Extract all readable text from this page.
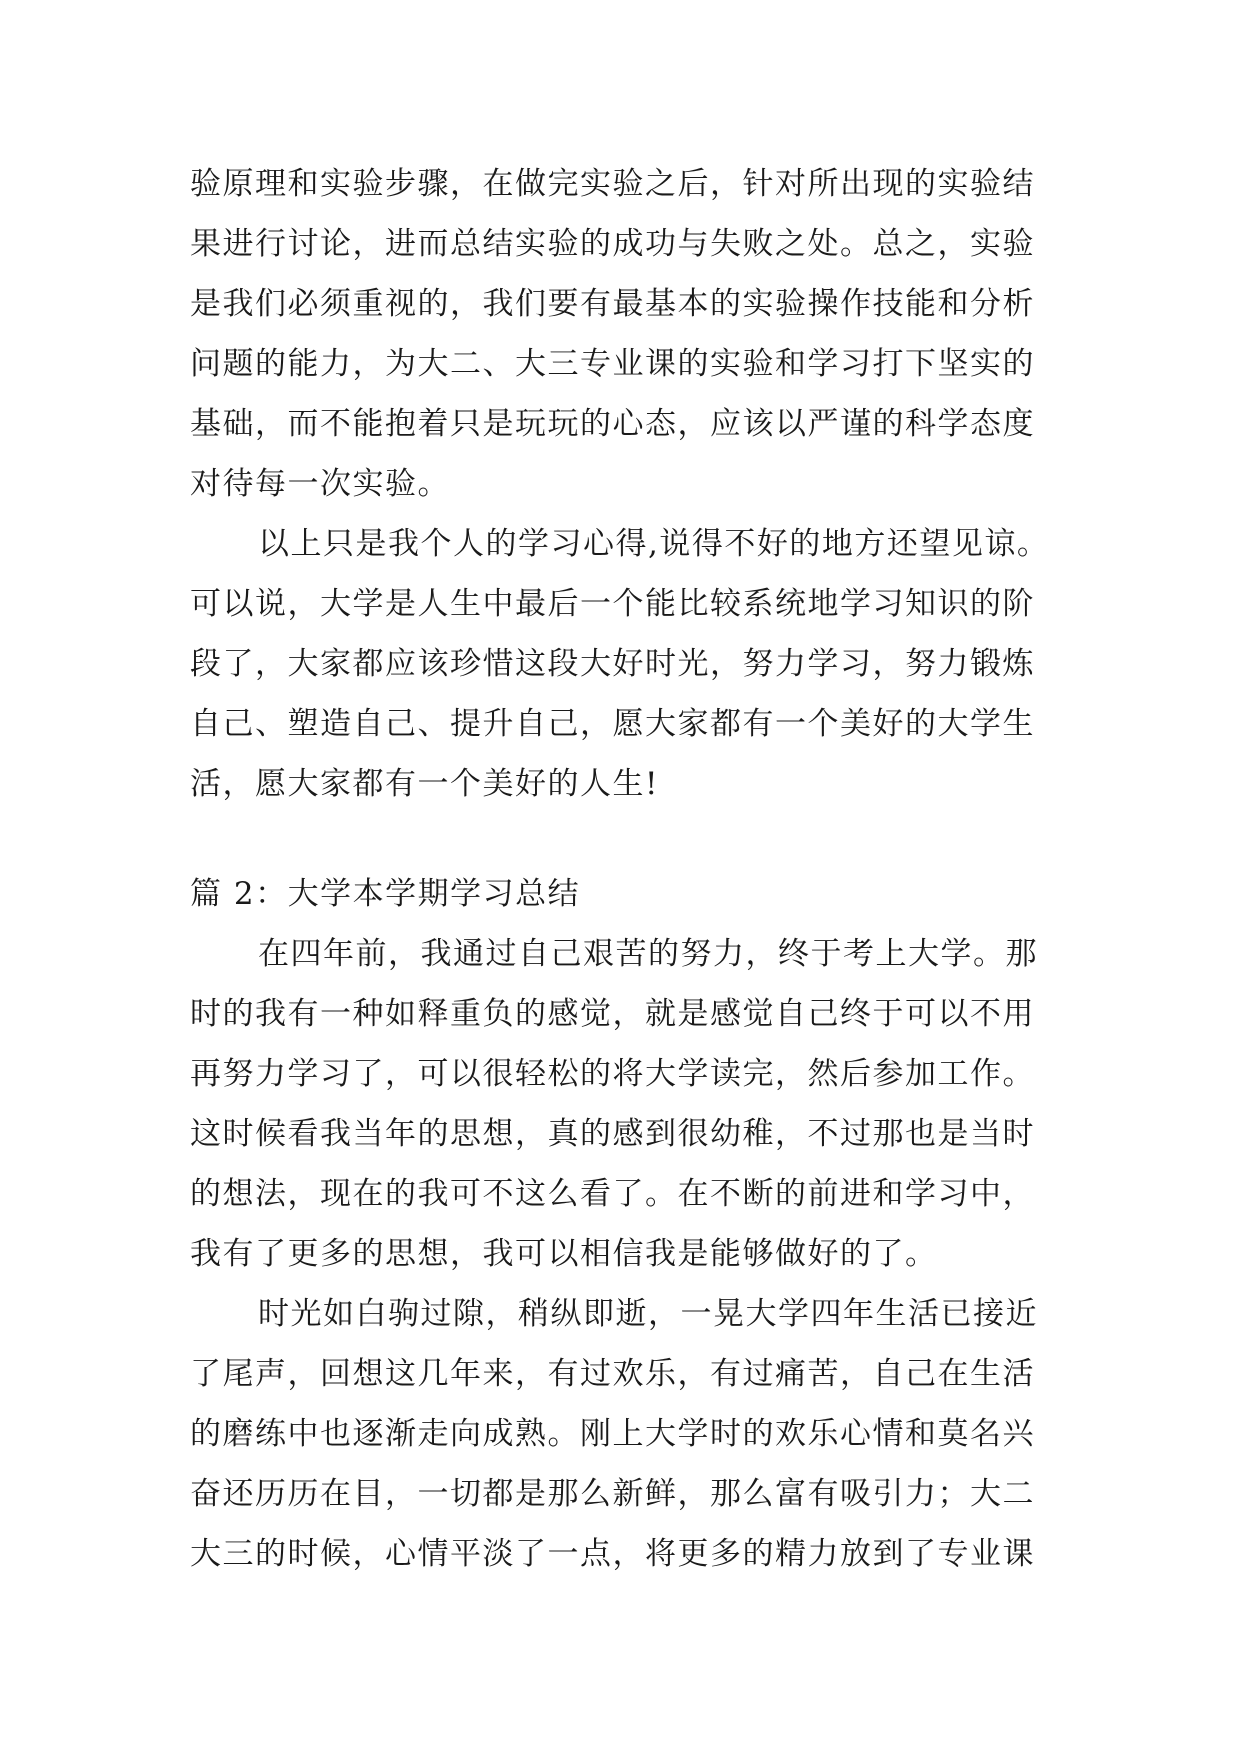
验原理和实验步骤，在做完实验之后，针对所出现的实验结
果进行讨论，进而总结实验的成功与失败之处。总之，实验
是我们必须重视的，我们要有最基本的实验操作技能和分析
问题的能力，为大二、大三专业课的实验和学习打下坚实的
基础，而不能抱着只是玩玩的心态，应该以严谨的科学态度
对待每一次实验。
以上只是我个人的学习心得,说得不好的地方还望见谅。
可以说，大学是人生中最后一个能比较系统地学习知识的阶
段了，大家都应该珍惜这段大好时光，努力学习，努力锻炼
自己、塑造自己、提升自己，愿大家都有一个美好的大学生
活，愿大家都有一个美好的人生!
篇 2：大学本学期学习总结
在四年前，我通过自己艰苦的努力，终于考上大学。那
时的我有一种如释重负的感觉，就是感觉自己终于可以不用
再努力学习了，可以很轻松的将大学读完，然后参加工作。
这时候看我当年的思想，真的感到很幼稚，不过那也是当时
的想法，现在的我可不这么看了。在不断的前进和学习中，
我有了更多的思想，我可以相信我是能够做好的了。
时光如白驹过隙，稍纵即逝，一晃大学四年生活已接近
了尾声，回想这几年来，有过欢乐，有过痛苦，自己在生活
的磨练中也逐渐走向成熟。刚上大学时的欢乐心情和莫名兴
奋还历历在目，一切都是那么新鲜，那么富有吸引力；大二
大三的时候，心情平淡了一点，将更多的精力放到了专业课
